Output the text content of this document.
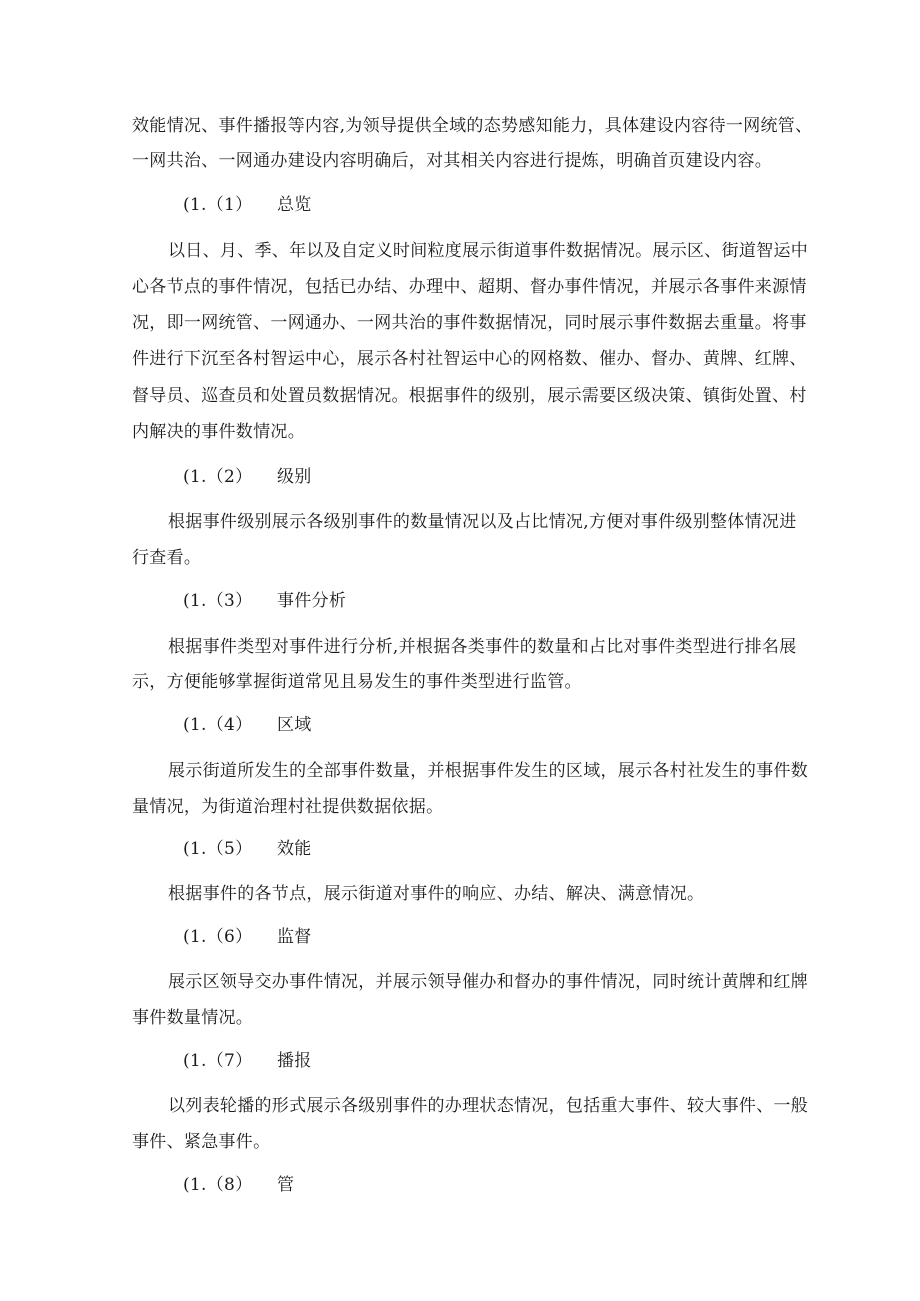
效能情况、事件播报等内容,为领导提供全域的态势感知能力，具体建设内容待一网统管、
一网共治、一网通办建设内容明确后，对其相关内容进行提炼，明确首页建设内容。
(1.（1） 总览
以日、月、季、年以及自定义时间粒度展示街道事件数据情况。展示区、街道智运中
心各节点的事件情况，包括已办结、办理中、超期、督办事件情况，并展示各事件来源情
况，即一网统管、一网通办、一网共治的事件数据情况，同时展示事件数据去重量。将事
件进行下沉至各村智运中心，展示各村社智运中心的网格数、催办、督办、黄牌、红牌、
督导员、巡查员和处置员数据情况。根据事件的级别，展示需要区级决策、镇街处置、村
内解决的事件数情况。
(1.（2） 级别
根据事件级别展示各级别事件的数量情况以及占比情况,方便对事件级别整体情况进
行查看。
(1.（3） 事件分析
根据事件类型对事件进行分析,并根据各类事件的数量和占比对事件类型进行排名展
示，方便能够掌握街道常见且易发生的事件类型进行监管。
(1.（4） 区域
展示街道所发生的全部事件数量，并根据事件发生的区域，展示各村社发生的事件数
量情况，为街道治理村社提供数据依据。
(1.（5） 效能
根据事件的各节点，展示街道对事件的响应、办结、解决、满意情况。
(1.（6） 监督
展示区领导交办事件情况，并展示领导催办和督办的事件情况，同时统计黄牌和红牌
事件数量情况。
(1.（7） 播报
以列表轮播的形式展示各级别事件的办理状态情况，包括重大事件、较大事件、一般
事件、紧急事件。
(1.（8） 管
